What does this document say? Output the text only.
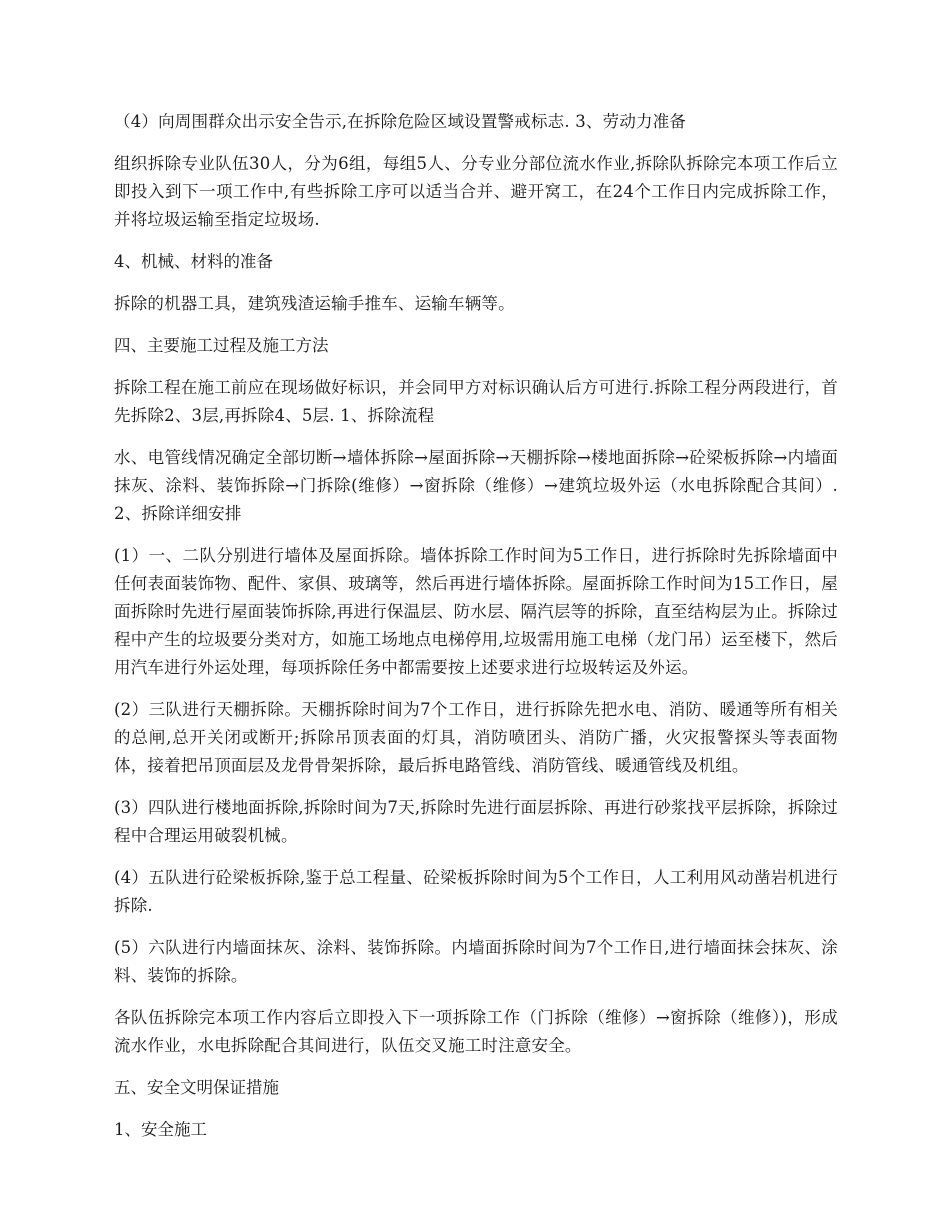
（4）向周围群众出示安全告示,在拆除危险区域设置警戒标志. 3、劳动力准备

组织拆除专业队伍30人，分为6组，每组5人、分专业分部位流水作业,拆除队拆除完本项工作后立即投入到下一项工作中,有些拆除工序可以适当合并、避开窝工，在24个工作日内完成拆除工作，并将垃圾运输至指定垃圾场.

4、机械、材料的准备

拆除的机器工具，建筑残渣运输手推车、运输车辆等。

四、主要施工过程及施工方法

拆除工程在施工前应在现场做好标识，并会同甲方对标识确认后方可进行.拆除工程分两段进行，首先拆除2、3层,再拆除4、5层. 1、拆除流程

水、电管线情况确定全部切断→墙体拆除→屋面拆除→天棚拆除→楼地面拆除→砼梁板拆除→内墙面抹灰、涂料、装饰拆除→门拆除(维修）→窗拆除（维修）→建筑垃圾外运（水电拆除配合其间）. 2、拆除详细安排

(1）一、二队分别进行墙体及屋面拆除。墙体拆除工作时间为5工作日，进行拆除时先拆除墙面中任何表面装饰物、配件、家俱、玻璃等，然后再进行墙体拆除。屋面拆除工作时间为15工作日，屋面拆除时先进行屋面装饰拆除,再进行保温层、防水层、隔汽层等的拆除，直至结构层为止。拆除过程中产生的垃圾要分类对方，如施工场地点电梯停用,垃圾需用施工电梯（龙门吊）运至楼下，然后用汽车进行外运处理，每项拆除任务中都需要按上述要求进行垃圾转运及外运。

(2）三队进行天棚拆除。天棚拆除时间为7个工作日，进行拆除先把水电、消防、暖通等所有相关的总闸,总开关闭或断开;拆除吊顶表面的灯具，消防喷团头、消防广播，火灾报警探头等表面物体，接着把吊顶面层及龙骨骨架拆除，最后拆电路管线、消防管线、暖通管线及机组。

(3）四队进行楼地面拆除,拆除时间为7天,拆除时先进行面层拆除、再进行砂浆找平层拆除，拆除过程中合理运用破裂机械。

(4）五队进行砼梁板拆除,鉴于总工程量、砼梁板拆除时间为5个工作日，人工利用风动凿岩机进行拆除.

(5）六队进行内墙面抹灰、涂料、装饰拆除。内墙面拆除时间为7个工作日,进行墙面抹会抹灰、涂料、装饰的拆除。

各队伍拆除完本项工作内容后立即投入下一项拆除工作（门拆除（维修）→窗拆除（维修）)，形成流水作业，水电拆除配合其间进行，队伍交叉施工时注意安全。

五、安全文明保证措施

1、安全施工
